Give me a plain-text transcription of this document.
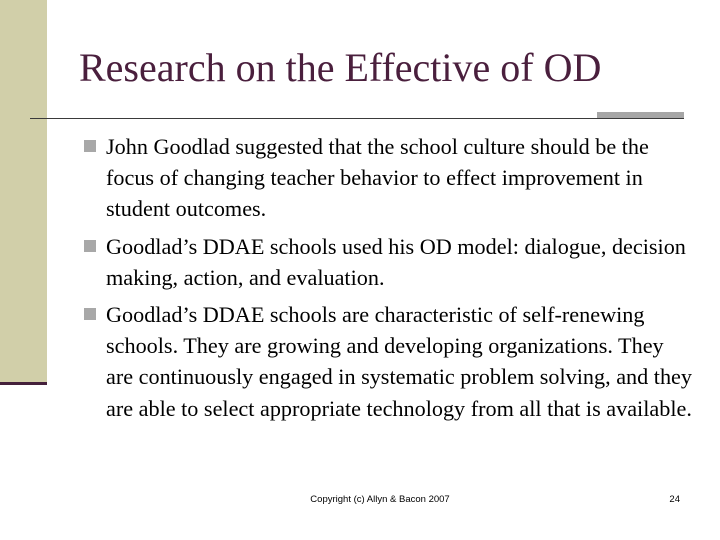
Research on the Effective of OD
John Goodlad suggested that the school culture should be the focus of changing teacher behavior to effect improvement in student outcomes.
Goodlad’s DDAE schools used his OD model: dialogue, decision making, action, and evaluation.
Goodlad’s DDAE schools are characteristic of self-renewing schools. They are growing and developing organizations. They are continuously engaged in systematic problem solving, and they are able to select appropriate technology from all that is available.
Copyright (c) Allyn & Bacon 2007	24
